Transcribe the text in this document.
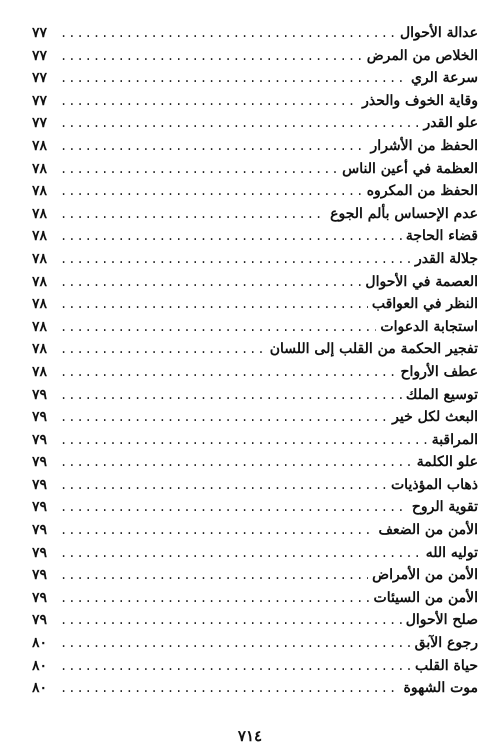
عدالة الأحوال
.....
٧٧
الخلاص من المرض
.....
٧٧
سرعة الري
.....
٧٧
وقاية الخوف والحذر
.....
٧٧
علو القدر
.....
٧٧
الحفظ من الأشرار
.....
٧٨
العظمة في أعين الناس
.....
٧٨
الحفظ من المكروه
.....
٧٨
عدم الإحساس بألم الجوع
.....
٧٨
قضاء الحاجة
.....
٧٨
جلالة القدر
.....
٧٨
العصمة في الأحوال
.....
٧٨
النظر في العواقب
.....
٧٨
استجابة الدعوات
.....
٧٨
تفجير الحكمة من القلب إلى اللسان
.....
٧٨
عطف الأرواح
.....
٧٨
توسيع الملك
.....
٧٩
البعث لكل خير
.....
٧٩
المراقبة
.....
٧٩
علو الكلمة
.....
٧٩
ذهاب المؤذيات
.....
٧٩
تقوية الروح
.....
٧٩
الأمن من الضعف
.....
٧٩
توليه الله
.....
٧٩
الأمن من الأمراض
.....
٧٩
الأمن من السيئات
.....
٧٩
صلح الأحوال
.....
٧٩
رجوع الآبق
.....
٨٠
حياة القلب
.....
٨٠
موت الشهوة
.....
٨٠
٧١٤
